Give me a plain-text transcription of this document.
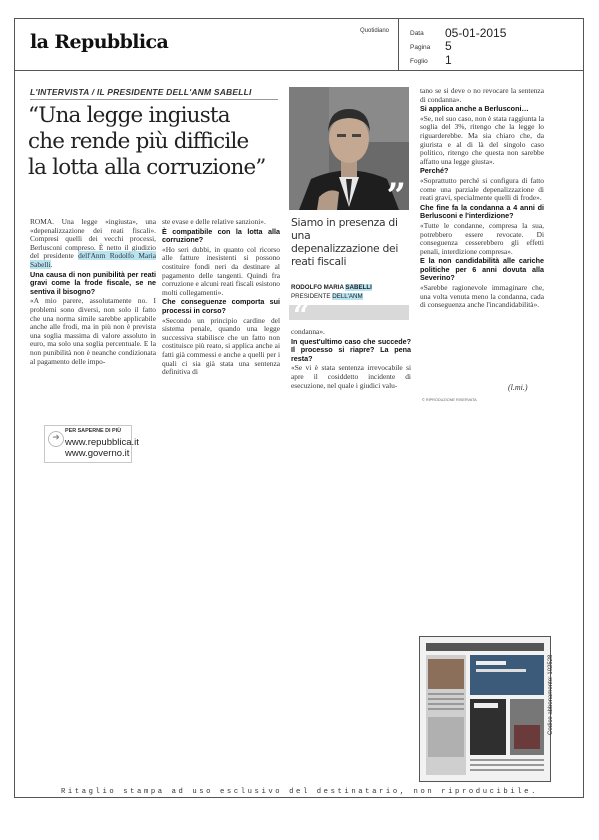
la Repubblica	Quotidiano	Data 05-01-2015
Pagina 5
Foglio 1
L'INTERVISTA / IL PRESIDENTE DELL'ANM SABELLI
“Una legge ingiusta
che rende più difficile
la lotta alla corruzione”

ROMA. Una legge «ingiusta», una «depenalizzazione dei reati fiscali». Compresi quelli dei vecchi processi, Berlusconi compreso. È netto il giudizio del presidente dell'Anm Rodolfo Maria Sabelli.

Una causa di non punibilità per reati gravi come la frode fiscale, se ne sentiva il bisogno?

«A mio parere, assolutamente no. I problemi sono diversi, non solo il fatto che una norma simile sarebbe applicabile anche alle frodi, ma in più non è prevista una soglia massima di valore assoluto in euro, ma solo una soglia percentuale. E la non punibilità non è neanche condizionata al pagamento delle impo-

ste evase e delle relative sanzioni».

È compatibile con la lotta alla corruzione?

«Ho seri dubbi, in quanto col ricorso alle fatture inesistenti si possono costituire fondi neri da destinare al pagamento delle tangenti. Quindi fra corruzione e alcuni reati fiscali esistono molti collegamenti».

Che conseguenze comporta sui processi in corso?

«Secondo un principio cardine del sistema penale, quando una legge successiva stabilisce che un fatto non costituisce più reato, si applica anche ai fatti già commessi e anche a quelli per i quali ci sia già stata una sentenza definitiva di

condanna».

In quest'ultimo caso che succede? Il processo si riapre? La pena resta?

«Se vi è stata sentenza irrevocabile si apre il cosiddetto incidente di esecuzione, nel quale i giudici valu-

tano se si deve o no revocare la sentenza di condanna».

Si applica anche a Berlusconi…

«Se, nel suo caso, non è stata raggiunta la soglia del 3%, ritengo che la legge lo riguarderebbe. Ma sia chiaro che, da giurista e al di là del singolo caso politico, ritengo che questa non sarebbe affatto una legge giusta».

Perché?

«Soprattutto perché si configura di fatto come una parziale depenalizzazione di reati gravi, specialmente quelli di frode».

Che fine fa la condanna a 4 anni di Berlusconi e l'interdizione?

«Tutte le condanne, compresa la sua, potrebbero essere revocate. Di conseguenza cesserebbero gli effetti penali, interdizione compresa».

E la non candidabilità alle cariche politiche per 6 anni dovuta alla Severino?

«Sarebbe ragionevole immaginare che, una volta venuta meno la condanna, cada di conseguenza anche l'incandidabilità».

”
Siamo in presenza di una depenalizzazione dei reati fiscali
RODOLFO MARIA SABELLI
PRESIDENTE DELL'ANM
“
(l.mi.)
© RIPRODUZIONE RISERVATA
➜
PER SAPERNE DI PIÙ
www.repubblica.it
www.governo.it
Codice abbonamento: 102528
Ritaglio stampa ad uso esclusivo del destinatario, non riproducibile.
